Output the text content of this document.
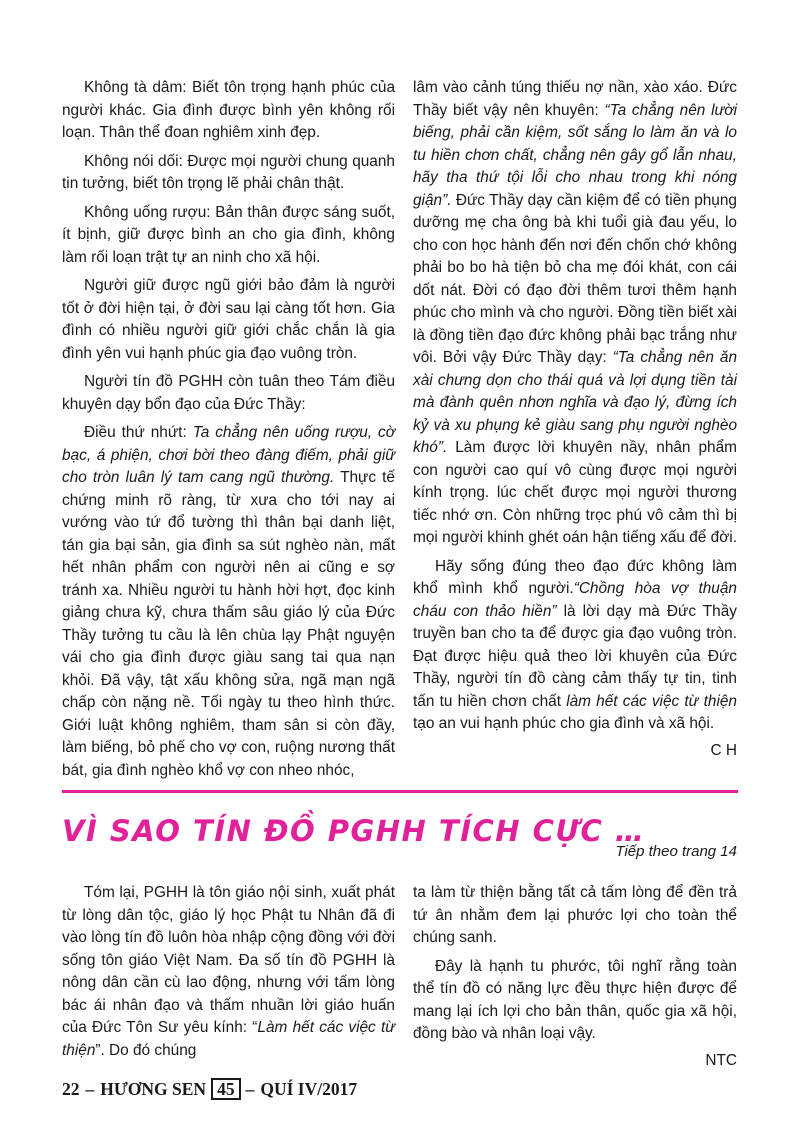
Không tà dâm: Biết tôn trọng hạnh phúc của người khác. Gia đình được bình yên không rối loạn. Thân thể đoan nghiêm xinh đẹp.

Không nói dối: Được mọi người chung quanh tin tưởng, biết tôn trọng lẽ phải chân thật.

Không uống rượu: Bản thân được sáng suốt, ít bịnh, giữ được bình an cho gia đình, không làm rối loạn trật tự an ninh cho xã hội.

Người giữ được ngũ giới bảo đảm là người tốt ở đời hiện tại, ở đời sau lại càng tốt hơn. Gia đình có nhiều người giữ giới chắc chắn là gia đình yên vui hạnh phúc gia đạo vuông tròn.

Người tín đồ PGHH còn tuân theo Tám điều khuyên dạy bổn đạo của Đức Thầy:

Điều thứ nhứt: Ta chẳng nên uống rượu, cờ bạc, á phiện, chơi bời theo đàng điếm, phải giữ cho tròn luân lý tam cang ngũ thường. Thực tế chứng minh rõ ràng, từ xưa cho tới nay ai vướng vào tứ đổ tường thì thân bại danh liệt, tán gia bại sản, gia đình sa sút nghèo nàn, mất hết nhân phẩm con người nên ai cũng e sợ tránh xa. Nhiều người tu hành hời hợt, đọc kinh giảng chưa kỹ, chưa thấm sâu giáo lý của Đức Thầy tưởng tu cầu là lên chùa lạy Phật nguyện vái cho gia đình được giàu sang tai qua nạn khỏi. Đã vậy, tật xấu không sửa, ngã mạn ngã chấp còn nặng nề. Tối ngày tu theo hình thức. Giới luật không nghiêm, tham sân si còn đầy, làm biếng, bỏ phế cho vợ con, ruộng nương thất bát, gia đình nghèo khổ vợ con nheo nhóc,

lâm vào cảnh túng thiếu nợ nần, xào xáo. Đức Thầy biết vậy nên khuyên: “Ta chẳng nên lười biếng, phải cần kiệm, sốt sắng lo làm ăn và lo tu hiền chơn chất, chẳng nên gây gổ lẫn nhau, hãy tha thứ tội lỗi cho nhau trong khi nóng giận”. Đức Thầy dạy cần kiệm để có tiền phụng dưỡng mẹ cha ông bà khi tuổi già đau yếu, lo cho con học hành đến nơi đến chốn chớ không phải bo bo hà tiện bỏ cha mẹ đói khát, con cái dốt nát. Đời có đạo đời thêm tươi thêm hạnh phúc cho mình và cho người. Đồng tiền biết xài là đồng tiền đạo đức không phải bạc trắng như vôi. Bởi vậy Đức Thầy dạy: “Ta chẳng nên ăn xài chưng dọn cho thái quá và lợi dụng tiền tài mà đành quên nhơn nghĩa và đạo lý, đừng ích kỷ và xu phụng kẻ giàu sang phụ người nghèo khó”. Làm được lời khuyên nầy, nhân phẩm con người cao quí vô cùng được mọi người kính trọng. lúc chết được mọi người thương tiếc nhớ ơn. Còn những trọc phú vô cảm thì bị mọi người khinh ghét oán hận tiếng xấu để đời.

Hãy sống đúng theo đạo đức không làm khổ mình khổ người.“Chồng hòa vợ thuận cháu con thảo hiền” là lời dạy mà Đức Thầy truyền ban cho ta để được gia đạo vuông tròn. Đạt được hiệu quả theo lời khuyên của Đức Thầy, người tín đồ càng cảm thấy tự tin, tinh tấn tu hiền chơn chất làm hết các việc từ thiện tạo an vui hạnh phúc cho gia đình và xã hội.

C H

VÌ SAO TÍN ĐỒ PGHH TÍCH CỰC …
Tiếp theo trang 14

Tóm lại, PGHH là tôn giáo nội sinh, xuất phát từ lòng dân tộc, giáo lý học Phật tu Nhân đã đi vào lòng tín đồ luôn hòa nhập cộng đồng với đời sống tôn giáo Việt Nam. Đa số tín đồ PGHH là nông dân cần cù lao động, nhưng với tấm lòng bác ái nhân đạo và thấm nhuần lời giáo huấn của Đức Tôn Sư yêu kính: “Làm hết các việc từ thiện”. Do đó chúng

ta làm từ thiện bằng tất cả tấm lòng để đền trả tứ ân nhằm đem lại phước lợi cho toàn thể chúng sanh.

Đây là hạnh tu phước, tôi nghĩ rằng toàn thể tín đồ có năng lực đều thực hiện được để mang lại ích lợi cho bản thân, quốc gia xã hội, đồng bào và nhân loại vậy.

NTC

22 – HƯƠNG SEN 45 – QUÍ IV/2017
